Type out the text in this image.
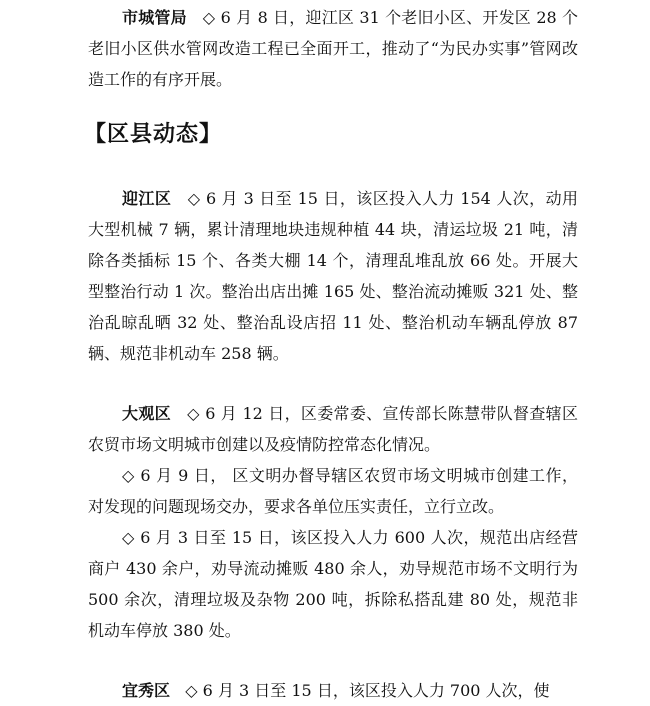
市城管局 ◇ 6 月 8 日，迎江区 31 个老旧小区、开发区 28 个老旧小区供水管网改造工程已全面开工，推动了“为民办实事”管网改造工作的有序开展。

【区县动态】

迎江区 ◇ 6 月 3 日至 15 日，该区投入人力 154 人次，动用大型机械 7 辆，累计清理地块违规种植 44 块，清运垃圾 21 吨，清除各类插标 15 个、各类大棚 14 个，清理乱堆乱放 66 处。开展大型整治行动 1 次。整治出店出摊 165 处、整治流动摊贩 321 处、整治乱晾乱晒 32 处、整治乱设店招 11 处、整治机动车辆乱停放 87 辆、规范非机动车 258 辆。

大观区 ◇ 6 月 12 日，区委常委、宣传部长陈慧带队督查辖区农贸市场文明城市创建以及疫情防控常态化情况。

◇ 6 月 9 日， 区文明办督导辖区农贸市场文明城市创建工作，对发现的问题现场交办，要求各单位压实责任，立行立改。

◇ 6 月 3 日至 15 日，该区投入人力 600 人次，规范出店经营商户 430 余户，劝导流动摊贩 480 余人，劝导规范市场不文明行为 500 余次，清理垃圾及杂物 200 吨，拆除私搭乱建 80 处，规范非机动车停放 380 处。

宜秀区 ◇ 6 月 3 日至 15 日，该区投入人力 700 人次，使
